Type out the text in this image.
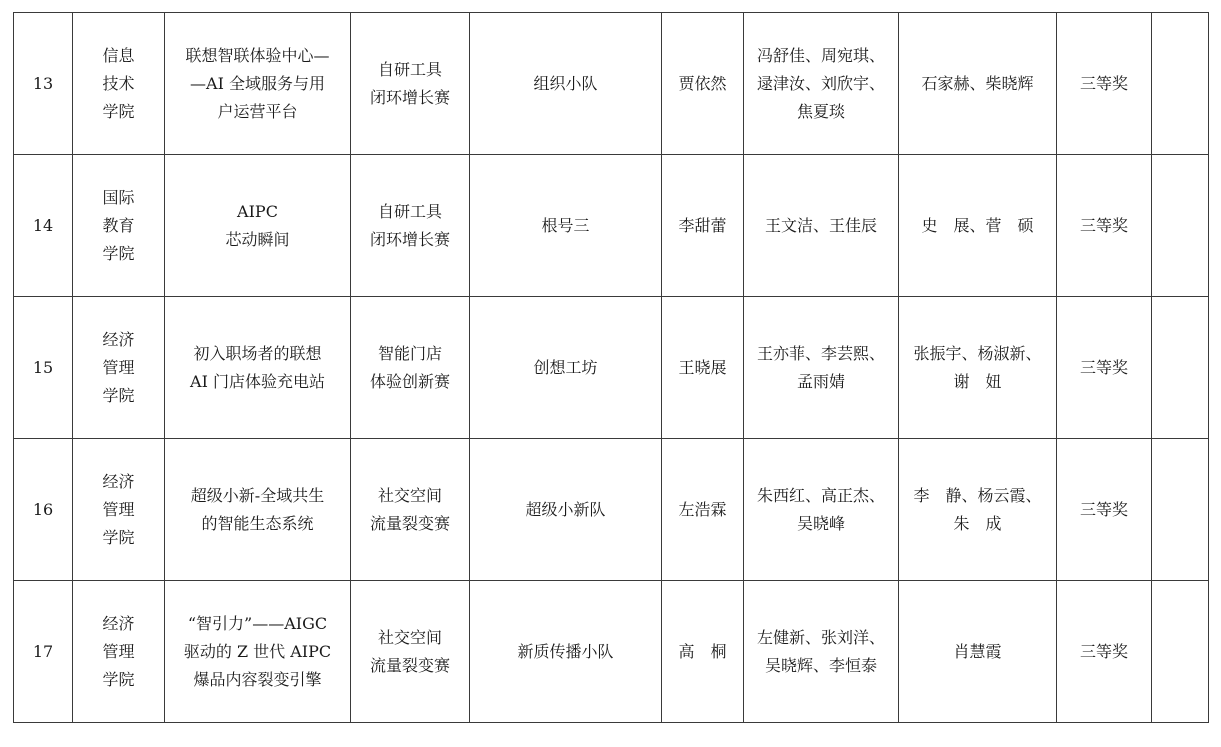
13	信息
技术
学院	联想智联体验中心—
—AI 全域服务与用
户运营平台	自研工具
闭环增长赛	组织小队	贾依然	冯舒佳、周宛琪、
逯津汝、刘欣宇、
焦夏琰	石家赫、柴晓辉	三等奖	
14	国际
教育
学院	AIPC
芯动瞬间	自研工具
闭环增长赛	根号三	李甜蕾	王文洁、王佳辰	史　展、菅　硕	三等奖	
15	经济
管理
学院	初入职场者的联想
AI 门店体验充电站	智能门店
体验创新赛	创想工坊	王晓展	王亦菲、李芸熙、
孟雨婧	张振宇、杨淑新、
谢　妞	三等奖	
16	经济
管理
学院	超级小新-全域共生
的智能生态系统	社交空间
流量裂变赛	超级小新队	左浩霖	朱西红、高正杰、
吴晓峰	李　静、杨云霞、
朱　成	三等奖	
17	经济
管理
学院	“智引力”——AIGC
驱动的 Z 世代 AIPC
爆品内容裂变引擎	社交空间
流量裂变赛	新质传播小队	高　桐	左健新、张刘洋、
吴晓辉、李恒泰	肖慧霞	三等奖	
